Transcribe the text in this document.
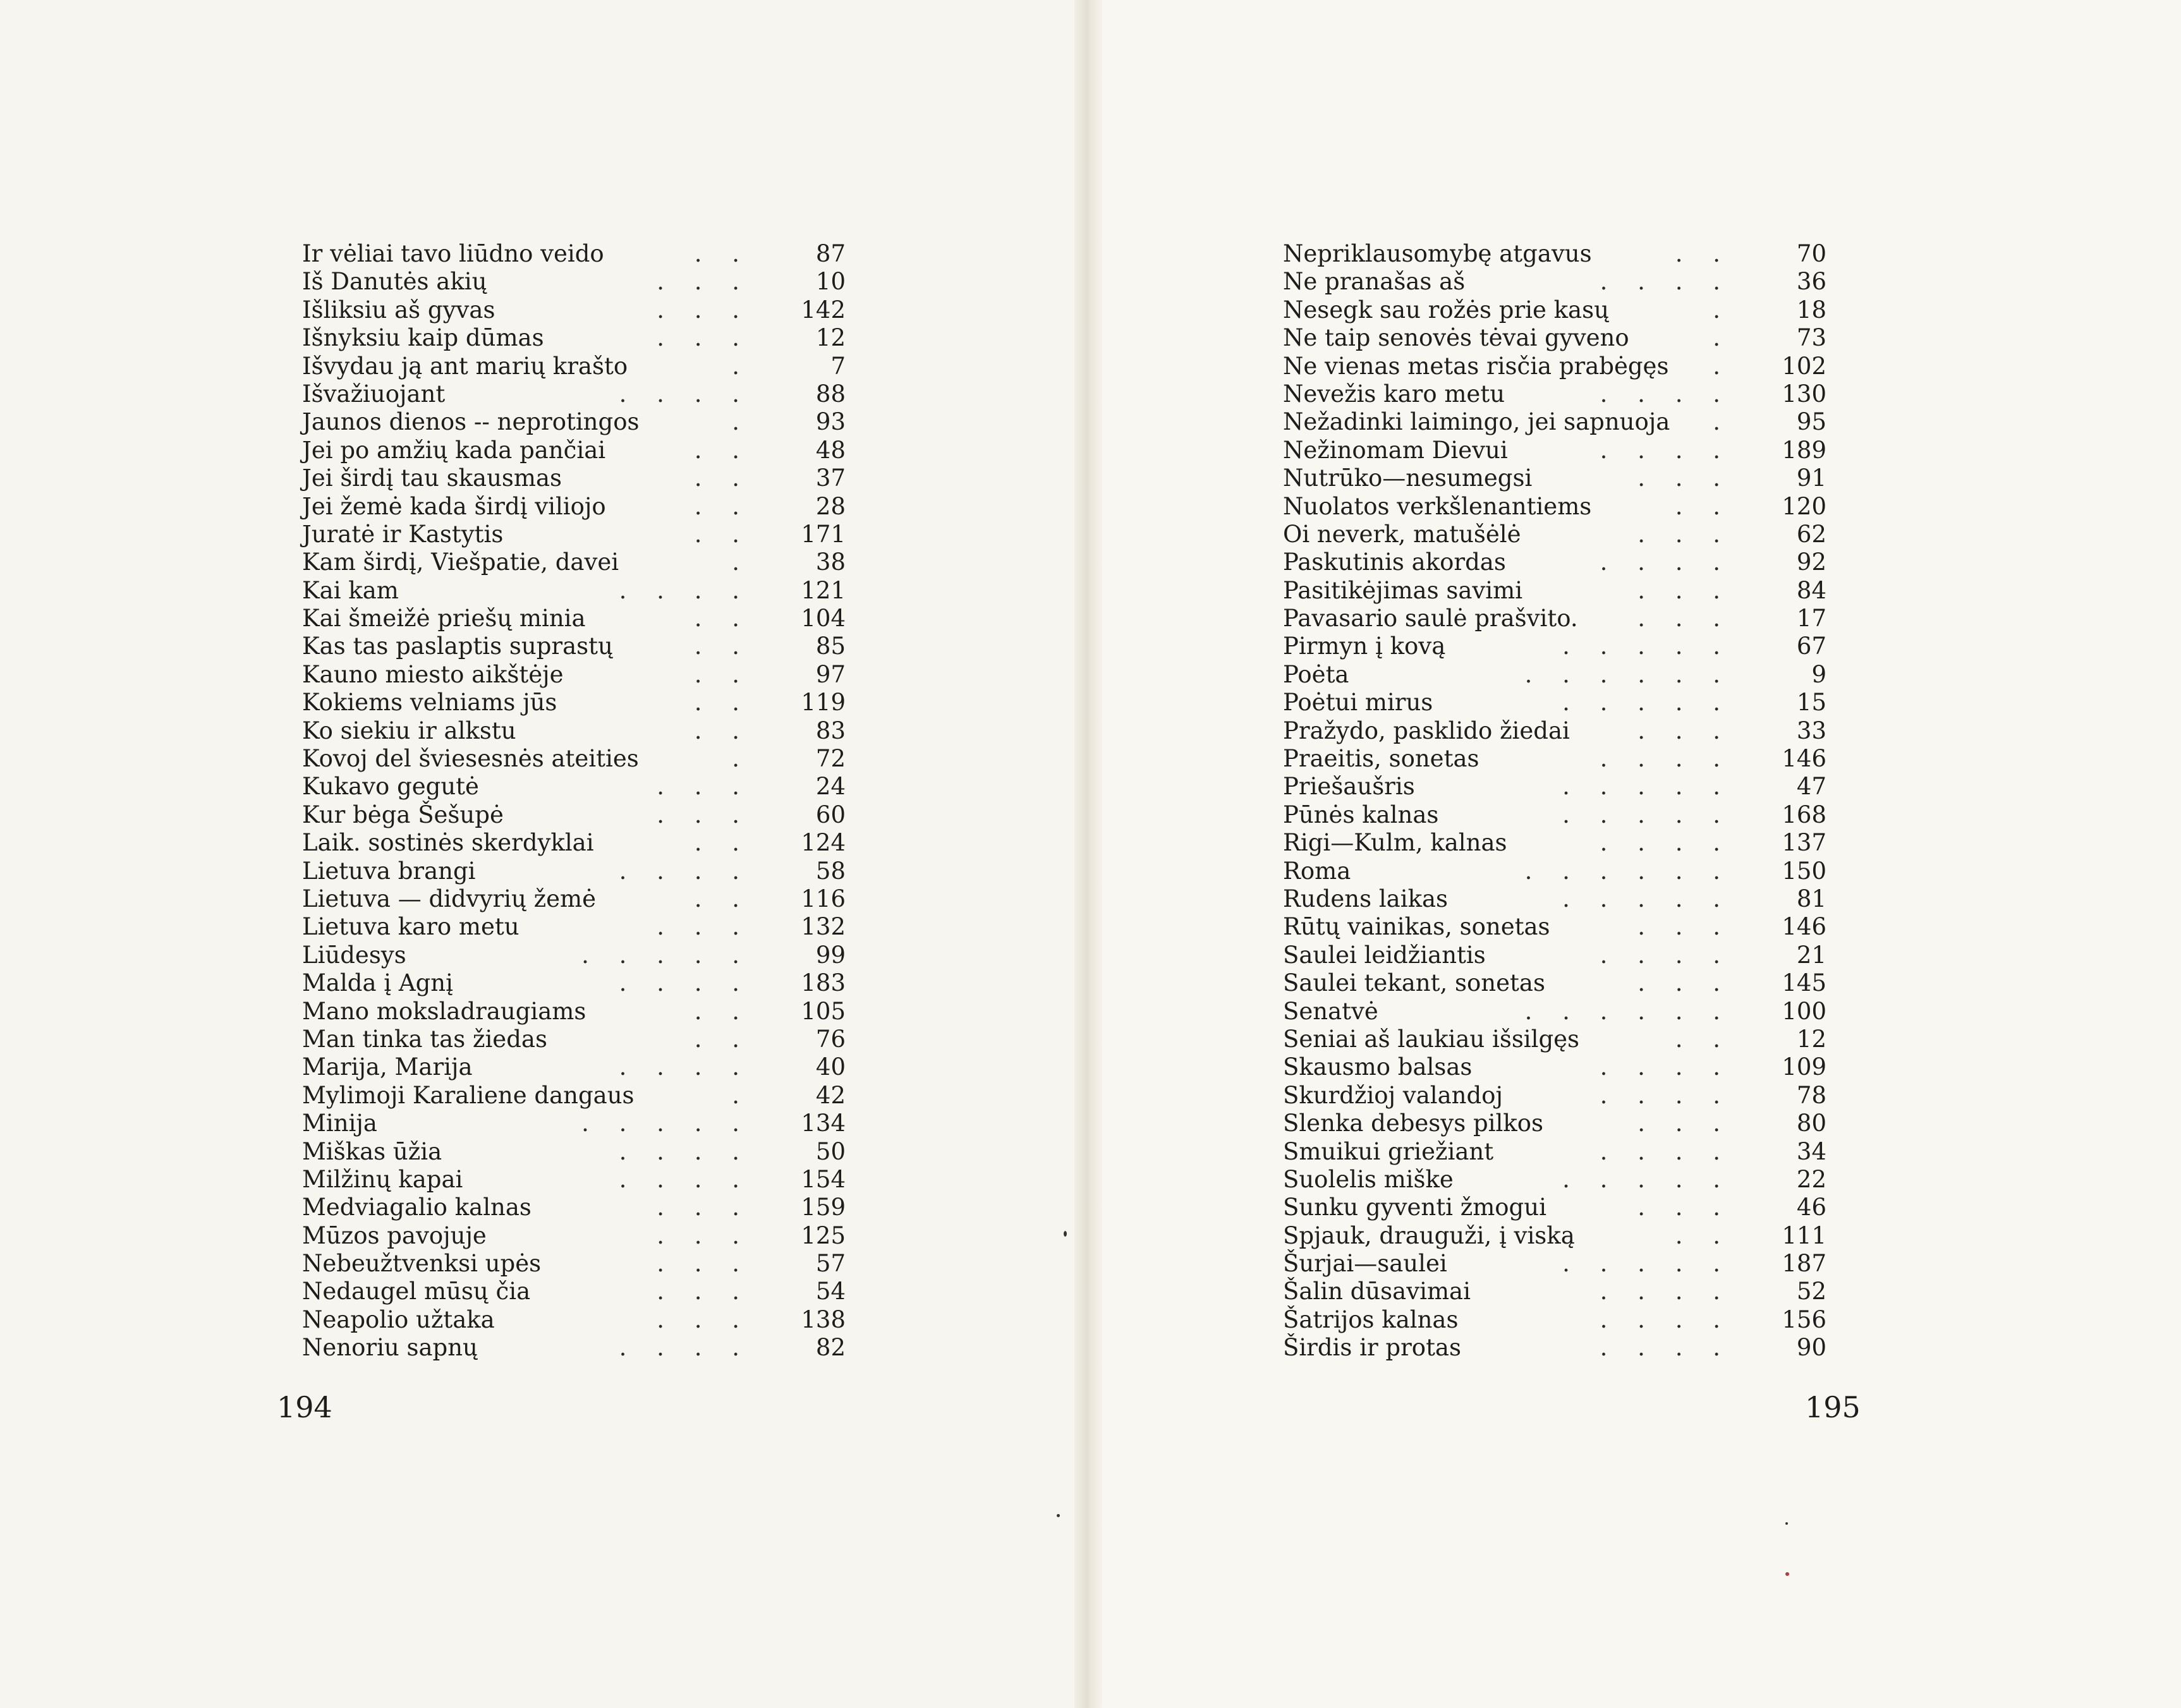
Ir vėliai tavo liūdno veido	. .	87
Iš Danutės akių	. . .	10
Išliksiu aš gyvas	. . .	142
Išnyksiu kaip dūmas	. . .	12
Išvydau ją ant marių krašto	.	7
Išvažiuojant	. . . .	88
Jaunos dienos -- neprotingos	.	93
Jei po amžių kada pančiai	. .	48
Jei širdį tau skausmas	. .	37
Jei žemė kada širdį viliojo	. .	28
Juratė ir Kastytis	. .	171
Kam širdį, Viešpatie, davei	.	38
Kai kam	. . . .	121
Kai šmeižė priešų minia	. .	104
Kas tas paslaptis suprastų	. .	85
Kauno miesto aikštėje	. .	97
Kokiems velniams jūs	. .	119
Ko siekiu ir alkstu	. .	83
Kovoj del šviesesnės ateities	.	72
Kukavo gegutė	. . .	24
Kur bėga Šešupė	. . .	60
Laik. sostinės skerdyklai	. .	124
Lietuva brangi	. . . .	58
Lietuva — didvyrių žemė	. .	116
Lietuva karo metu	. . .	132
Liūdesys	. . . . .	99
Malda į Agnį	. . . .	183
Mano moksladraugiams	. .	105
Man tinka tas žiedas	. .	76
Marija, Marija	. . . .	40
Mylimoji Karaliene dangaus	.	42
Minija	. . . . .	134
Miškas ūžia	. . . .	50
Milžinų kapai	. . . .	154
Medviagalio kalnas	. . .	159
Mūzos pavojuje	. . .	125
Nebeužtvenksi upės	. . .	57
Nedaugel mūsų čia	. . .	54
Neapolio užtaka	. . .	138
Nenoriu sapnų	. . . .	82
Nepriklausomybę atgavus	. .	70
Ne pranašas aš	. . . .	36
Nesegk sau rožės prie kasų	.	18
Ne taip senovės tėvai gyveno	.	73
Ne vienas metas risčia prabėgęs	.	102
Nevežis karo metu	. . . .	130
Nežadinki laimingo, jei sapnuoja	.	95
Nežinomam Dievui	. . . .	189
Nutrūko—nesumegsi	. . .	91
Nuolatos verkšlenantiems	. .	120
Oi neverk, matušėlė	. . .	62
Paskutinis akordas	. . . .	92
Pasitikėjimas savimi	. . .	84
Pavasario saulė prašvito.	. . .	17
Pirmyn į kovą	. . . . .	67
Poėta	. . . . . .	9
Poėtui mirus	. . . . .	15
Pražydo, pasklido žiedai	. . .	33
Praeitis, sonetas	. . . .	146
Priešaušris	. . . . .	47
Pūnės kalnas	. . . . .	168
Rigi—Kulm, kalnas	. . . .	137
Roma	. . . . . .	150
Rudens laikas	. . . . .	81
Rūtų vainikas, sonetas	. . .	146
Saulei leidžiantis	. . . .	21
Saulei tekant, sonetas	. . .	145
Senatvė	. . . . . .	100
Seniai aš laukiau išsilgęs	. .	12
Skausmo balsas	. . . .	109
Skurdžioj valandoj	. . . .	78
Slenka debesys pilkos	. . .	80
Smuikui griežiant	. . . .	34
Suolelis miške	. . . . .	22
Sunku gyventi žmogui	. . .	46
Spjauk, drauguži, į viską	. .	111
Šurjai—saulei	. . . . .	187
Šalin dūsavimai	. . . .	52
Šatrijos kalnas	. . . .	156
Širdis ir protas	. . . .	90
194	195
